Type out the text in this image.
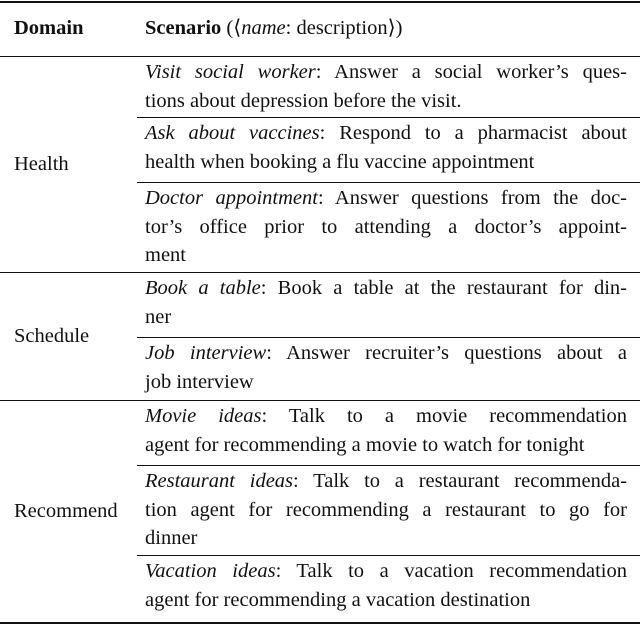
Domain	Scenario (⟨name: description⟩)
Health
Visit social worker: Answer a social worker’s ques-
tions about depression before the visit.
Ask about vaccines: Respond to a pharmacist about
health when booking a flu vaccine appointment
Doctor appointment: Answer questions from the doc-
tor’s office prior to attending a doctor’s appoint-
ment
Schedule
Book a table: Book a table at the restaurant for din-
ner
Job interview: Answer recruiter’s questions about a
job interview
Recommend
Movie ideas: Talk to a movie recommendation
agent for recommending a movie to watch for tonight
Restaurant ideas: Talk to a restaurant recommenda-
tion agent for recommending a restaurant to go for
dinner
Vacation ideas: Talk to a vacation recommendation
agent for recommending a vacation destination
